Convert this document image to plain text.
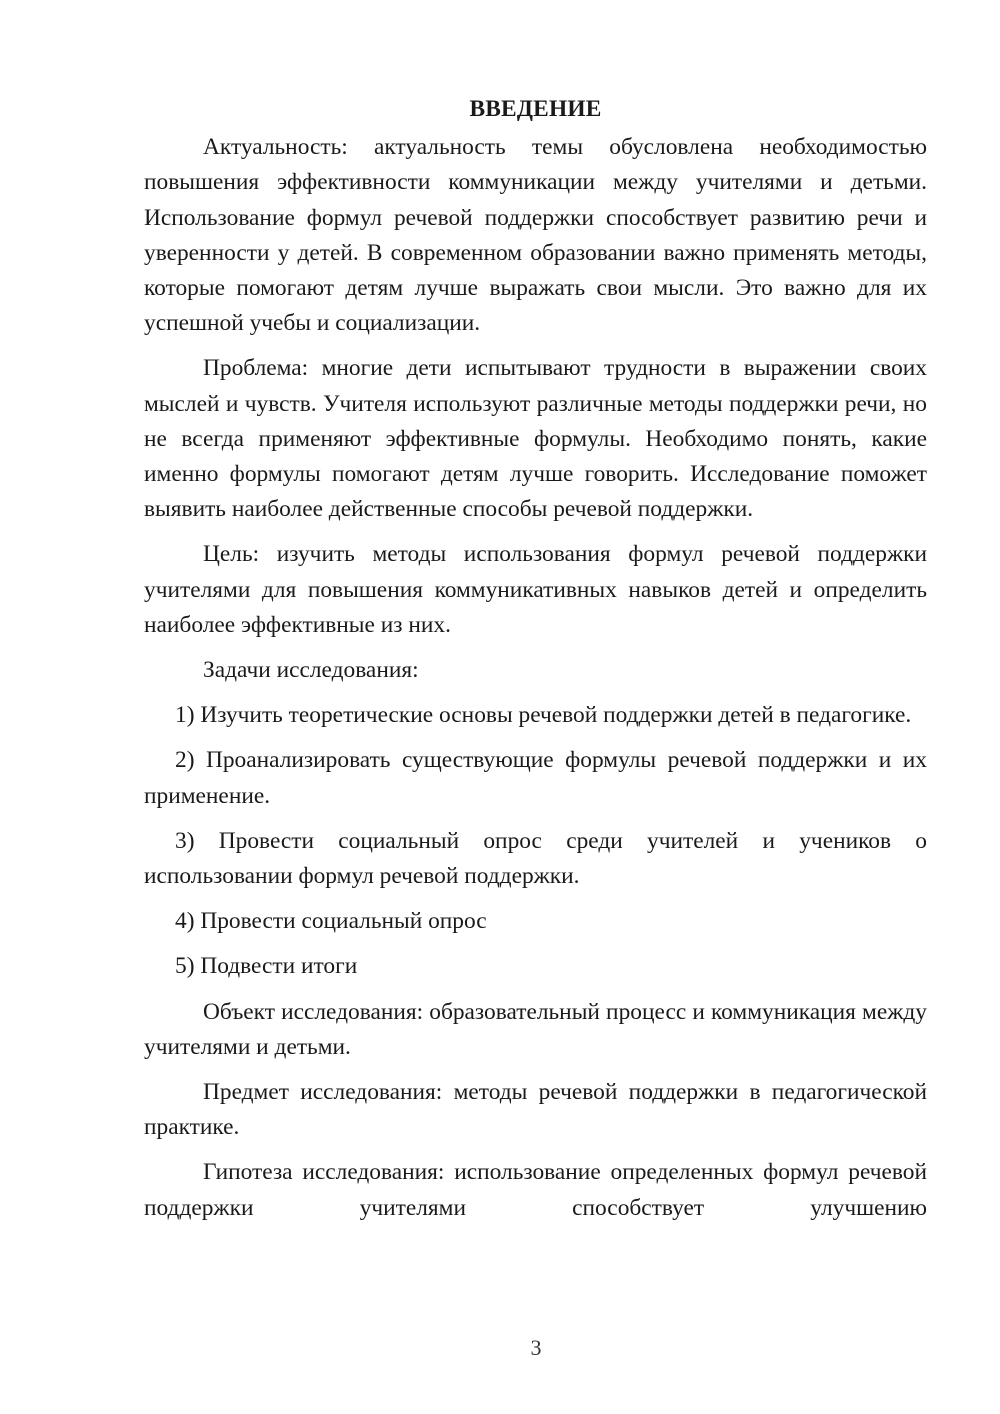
ВВЕДЕНИЕ

Актуальность: актуальность темы обусловлена необходимостью повышения эффективности коммуникации между учителями и детьми. Использование формул речевой поддержки способствует развитию речи и уверенности у детей. В современном образовании важно применять методы, которые помогают детям лучше выражать свои мысли. Это важно для их успешной учебы и социализации.

Проблема: многие дети испытывают трудности в выражении своих мыслей и чувств. Учителя используют различные методы поддержки речи, но не всегда применяют эффективные формулы. Необходимо понять, какие именно формулы помогают детям лучше говорить. Исследование поможет выявить наиболее действенные способы речевой поддержки.

Цель: изучить методы использования формул речевой поддержки учителями для повышения коммуникативных навыков детей и определить наиболее эффективные из них.

Задачи исследования:

1) Изучить теоретические основы речевой поддержки детей в педагогике.

2) Проанализировать существующие формулы речевой поддержки и их применение.

3) Провести социальный опрос среди учителей и учеников о использовании формул речевой поддержки.

4) Провести социальный опрос

5) Подвести итоги

Объект исследования: образовательный процесс и коммуникация между учителями и детьми.

Предмет исследования: методы речевой поддержки в педагогической практике.

Гипотеза исследования: использование определенных формул речевой поддержки учителями способствует улучшению

3
